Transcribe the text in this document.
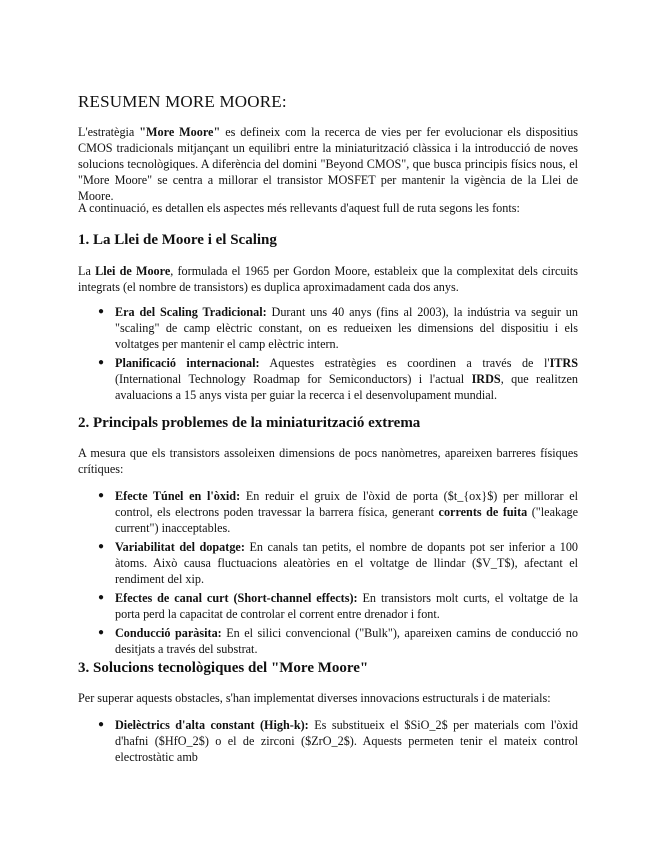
RESUMEN MORE MOORE:

L'estratègia "More Moore" es defineix com la recerca de vies per fer evolucionar els dispositius CMOS tradicionals mitjançant un equilibri entre la miniaturització clàssica i la introducció de noves solucions tecnològiques. A diferència del domini "Beyond CMOS", que busca principis físics nous, el "More Moore" se centra a millorar el transistor MOSFET per mantenir la vigència de la Llei de Moore.

A continuació, es detallen els aspectes més rellevants d'aquest full de ruta segons les fonts:

1. La Llei de Moore i el Scaling

La Llei de Moore, formulada el 1965 per Gordon Moore, estableix que la complexitat dels circuits integrats (el nombre de transistors) es duplica aproximadament cada dos anys.

● Era del Scaling Tradicional: Durant uns 40 anys (fins al 2003), la indústria va seguir un "scaling" de camp elèctric constant, on es redueixen les dimensions del dispositiu i els voltatges per mantenir el camp elèctric intern.
● Planificació internacional: Aquestes estratègies es coordinen a través de l'ITRS (International Technology Roadmap for Semiconductors) i l'actual IRDS, que realitzen avaluacions a 15 anys vista per guiar la recerca i el desenvolupament mundial.
2. Principals problemes de la miniaturització extrema

A mesura que els transistors assoleixen dimensions de pocs nanòmetres, apareixen barreres físiques crítiques:

● Efecte Túnel en l'òxid: En reduir el gruix de l'òxid de porta ($t_{ox}$) per millorar el control, els electrons poden travessar la barrera física, generant corrents de fuita ("leakage current") inacceptables.
● Variabilitat del dopatge: En canals tan petits, el nombre de dopants pot ser inferior a 100 àtoms. Això causa fluctuacions aleatòries en el voltatge de llindar ($V_T$), afectant el rendiment del xip.
● Efectes de canal curt (Short-channel effects): En transistors molt curts, el voltatge de la porta perd la capacitat de controlar el corrent entre drenador i font.
● Conducció paràsita: En el silici convencional ("Bulk"), apareixen camins de conducció no desitjats a través del substrat.
3. Solucions tecnològiques del "More Moore"

Per superar aquests obstacles, s'han implementat diverses innovacions estructurals i de materials:

● Dielèctrics d'alta constant (High-k): Es substitueix el $SiO_2$ per materials com l'òxid d'hafni ($HfO_2$) o el de zirconi ($ZrO_2$). Aquests permeten tenir el mateix control electrostàtic amb
